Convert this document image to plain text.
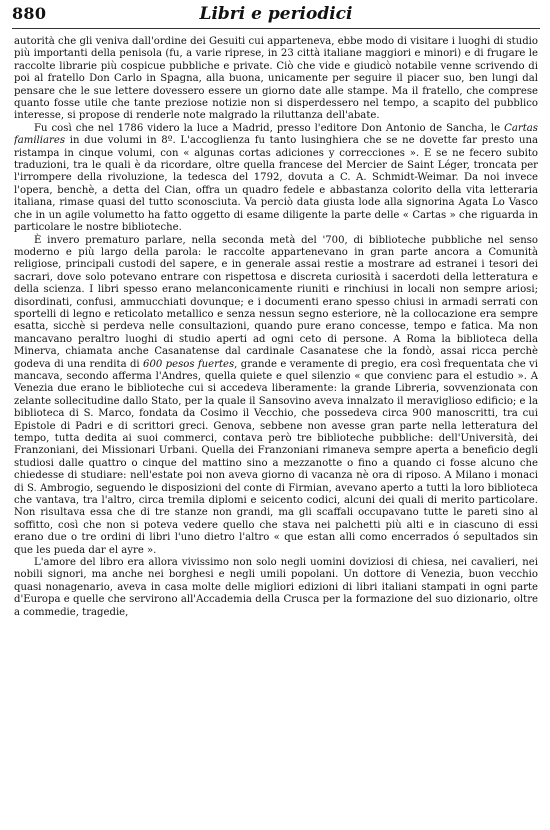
880	Libri e periodici

autorità che gli veniva dall'ordine dei Gesuiti cui apparteneva, ebbe modo di visitare i luoghi di studio più importanti della penisola (fu, a varie riprese, in 23 città italiane maggiori e minori) e di frugare le raccolte librarie più cospicue pubbliche e private. Ciò che vide e giudicò notabile venne scrivendo di poi al fratello Don Carlo in Spagna, alla buona, unicamente per seguire il piacer suo, ben lungi dal pensare che le sue lettere dovessero essere un giorno date alle stampe. Ma il fratello, che comprese quanto fosse utile che tante preziose notizie non si disperdessero nel tempo, a scapito del pubblico interesse, si propose di renderle note malgrado la riluttanza dell'abate.

Fu così che nel 1786 videro la luce a Madrid, presso l'editore Don Antonio de Sancha, le Cartas familiares in due volumi in 8º. L'accoglienza fu tanto lusinghiera che se ne dovette far presto una ristampa in cinque volumi, con « algunas cortas adiciones y correcciones ». E se ne fecero subito traduzioni, tra le quali è da ricordare, oltre quella francese del Mercier de Saint Léger, troncata per l'irrompere della rivoluzione, la tedesca del 1792, dovuta a C. A. Schmidt-Weimar. Da noi invece l'opera, benchè, a detta del Cian, offra un quadro fedele e abbastanza colorito della vita letteraria italiana, rimase quasi del tutto sconosciuta. Va perciò data giusta lode alla signorina Agata Lo Vasco che in un agile volumetto ha fatto oggetto di esame diligente la parte delle « Cartas » che riguarda in particolare le nostre biblioteche.

È invero prematuro parlare, nella seconda metà del '700, di biblioteche pubbliche nel senso moderno e più largo della parola: le raccolte appartenevano in gran parte ancora a Comunità religiose, principali custodi del sapere, e in generale assai restie a mostrare ad estranei i tesori dei sacrari, dove solo potevano entrare con rispettosa e discreta curiosità i sacerdoti della letteratura e della scienza. I libri spesso erano melanconicamente riuniti e rinchiusi in locali non sempre ariosi; disordinati, confusi, ammucchiati dovunque; e i documenti erano spesso chiusi in armadi serrati con sportelli di legno e reticolato metallico e senza nessun segno esteriore, nè la collocazione era sempre esatta, sicchè si perdeva nelle consultazioni, quando pure erano concesse, tempo e fatica. Ma non mancavano peraltro luoghi di studio aperti ad ogni ceto di persone. A Roma la biblioteca della Minerva, chiamata anche Casanatense dal cardinale Casanatese che la fondò, assai ricca perchè godeva di una rendita di 600 pesos fuertes, grande e veramente di pregio, era così frequentata che vi mancava, secondo afferma l'Andres, quella quiete e quel silenzio « que convienc para el estudio ». A Venezia due erano le biblioteche cui si accedeva liberamente: la grande Libreria, sovvenzionata con zelante sollecitudine dallo Stato, per la quale il Sansovino aveva innalzato il meraviglioso edificio; e la biblioteca di S. Marco, fondata da Cosimo il Vecchio, che possedeva circa 900 manoscritti, tra cui Epistole di Padri e di scrittori greci. Genova, sebbene non avesse gran parte nella letteratura del tempo, tutta dedita ai suoi commerci, contava però tre biblioteche pubbliche: dell'Università, dei Franzoniani, dei Missionari Urbani. Quella dei Franzoniani rimaneva sempre aperta a beneficio degli studiosi dalle quattro o cinque del mattino sino a mezzanotte o fino a quando ci fosse alcuno che chiedesse di studiare: nell'estate poi non aveva giorno di vacanza nè ora di riposo. A Milano i monaci di S. Ambrogio, seguendo le disposizioni del conte di Firmian, avevano aperto a tutti la loro biblioteca che vantava, tra l'altro, circa tremila diplomi e seicento codici, alcuni dei quali di merito particolare. Non risultava essa che di tre stanze non grandi, ma gli scaffali occupavano tutte le pareti sino al soffitto, così che non si poteva vedere quello che stava nei palchetti più alti e in ciascuno di essi erano due o tre ordini di libri l'uno dietro l'altro « que estan alli como encerrados ó sepultados sin que les pueda dar el ayre ».

L'amore del libro era allora vivissimo non solo negli uomini doviziosi di chiesa, nei cavalieri, nei nobili signori, ma anche nei borghesi e negli umili popolani. Un dottore di Venezia, buon vecchio quasi nonagenario, aveva in casa molte delle migliori edizioni di libri italiani stampati in ogni parte d'Europa e quelle che servirono all'Accademia della Crusca per la formazione del suo dizionario, oltre a commedie, tragedie,
